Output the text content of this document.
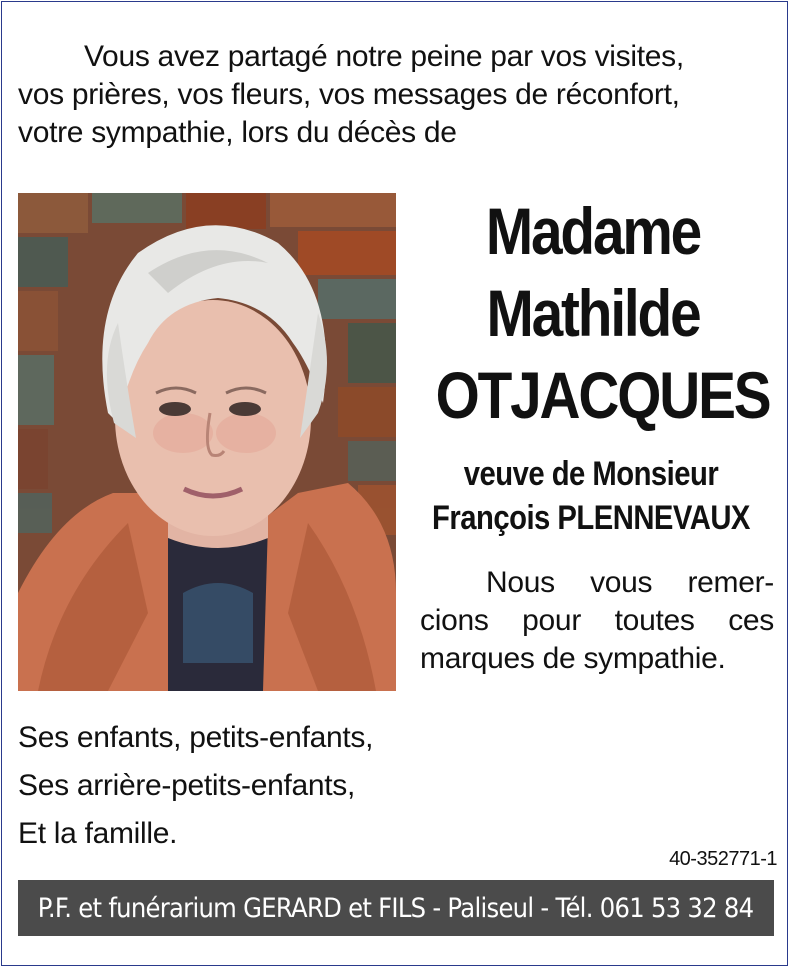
Vous avez partagé notre peine par vos visites,
vos prières, vos fleurs, vos messages de réconfort,
votre sympathie, lors du décès de
Madame
Mathilde
OTJACQUES
veuve de Monsieur
François PLENNEVAUX
Nous vous remer-
cions pour toutes ces
marques de sympathie.
Ses enfants, petits-enfants,
Ses arrière-petits-enfants,
Et la famille.
40-352771-1
P.F. et funérarium GERARD et FILS - Paliseul - Tél. 061 53 32 84
